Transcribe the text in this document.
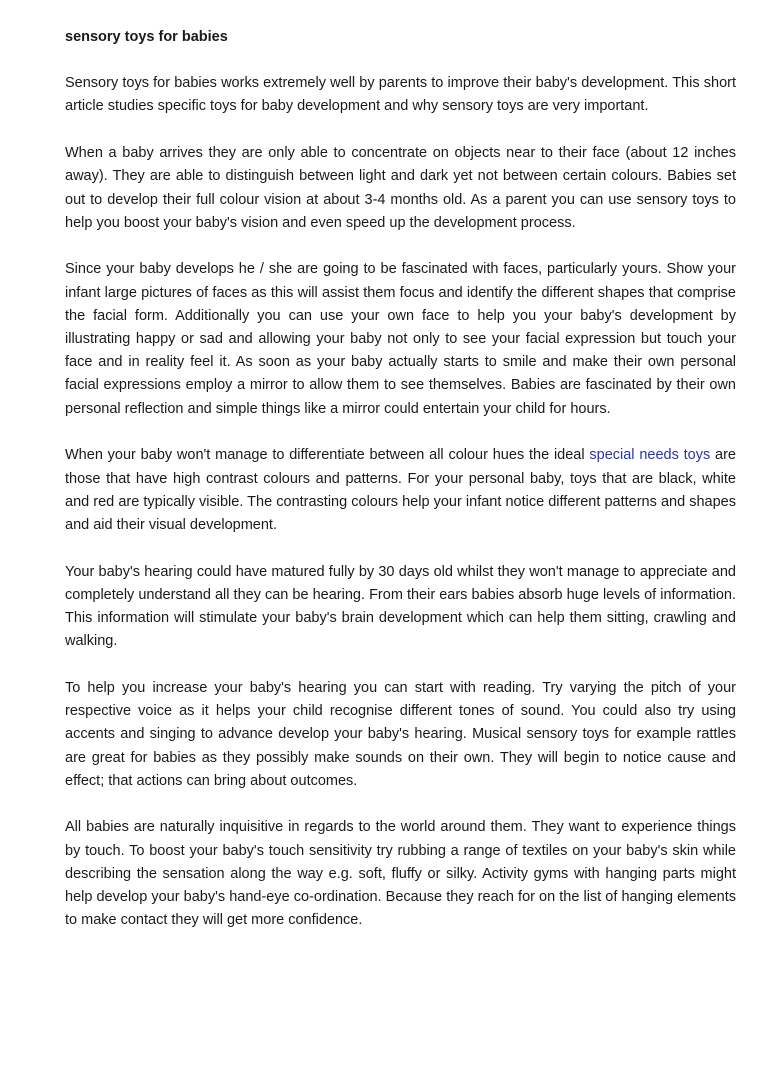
sensory toys for babies

Sensory toys for babies works extremely well by parents to improve their baby's development. This short article studies specific toys for baby development and why sensory toys are very important.

When a baby arrives they are only able to concentrate on objects near to their face (about 12 inches away). They are able to distinguish between light and dark yet not between certain colours. Babies set out to develop their full colour vision at about 3-4 months old. As a parent you can use sensory toys to help you boost your baby's vision and even speed up the development process.

Since your baby develops he / she are going to be fascinated with faces, particularly yours. Show your infant large pictures of faces as this will assist them focus and identify the different shapes that comprise the facial form. Additionally you can use your own face to help you your baby's development by illustrating happy or sad and allowing your baby not only to see your facial expression but touch your face and in reality feel it. As soon as your baby actually starts to smile and make their own personal facial expressions employ a mirror to allow them to see themselves. Babies are fascinated by their own personal reflection and simple things like a mirror could entertain your child for hours.

When your baby won't manage to differentiate between all colour hues the ideal special needs toys are those that have high contrast colours and patterns. For your personal baby, toys that are black, white and red are typically visible. The contrasting colours help your infant notice different patterns and shapes and aid their visual development.

Your baby's hearing could have matured fully by 30 days old whilst they won't manage to appreciate and completely understand all they can be hearing. From their ears babies absorb huge levels of information. This information will stimulate your baby's brain development which can help them sitting, crawling and walking.

To help you increase your baby's hearing you can start with reading. Try varying the pitch of your respective voice as it helps your child recognise different tones of sound. You could also try using accents and singing to advance develop your baby's hearing. Musical sensory toys for example rattles are great for babies as they possibly make sounds on their own. They will begin to notice cause and effect; that actions can bring about outcomes.

All babies are naturally inquisitive in regards to the world around them. They want to experience things by touch. To boost your baby's touch sensitivity try rubbing a range of textiles on your baby's skin while describing the sensation along the way e.g. soft, fluffy or silky. Activity gyms with hanging parts might help develop your baby's hand-eye co-ordination. Because they reach for on the list of hanging elements to make contact they will get more confidence.
